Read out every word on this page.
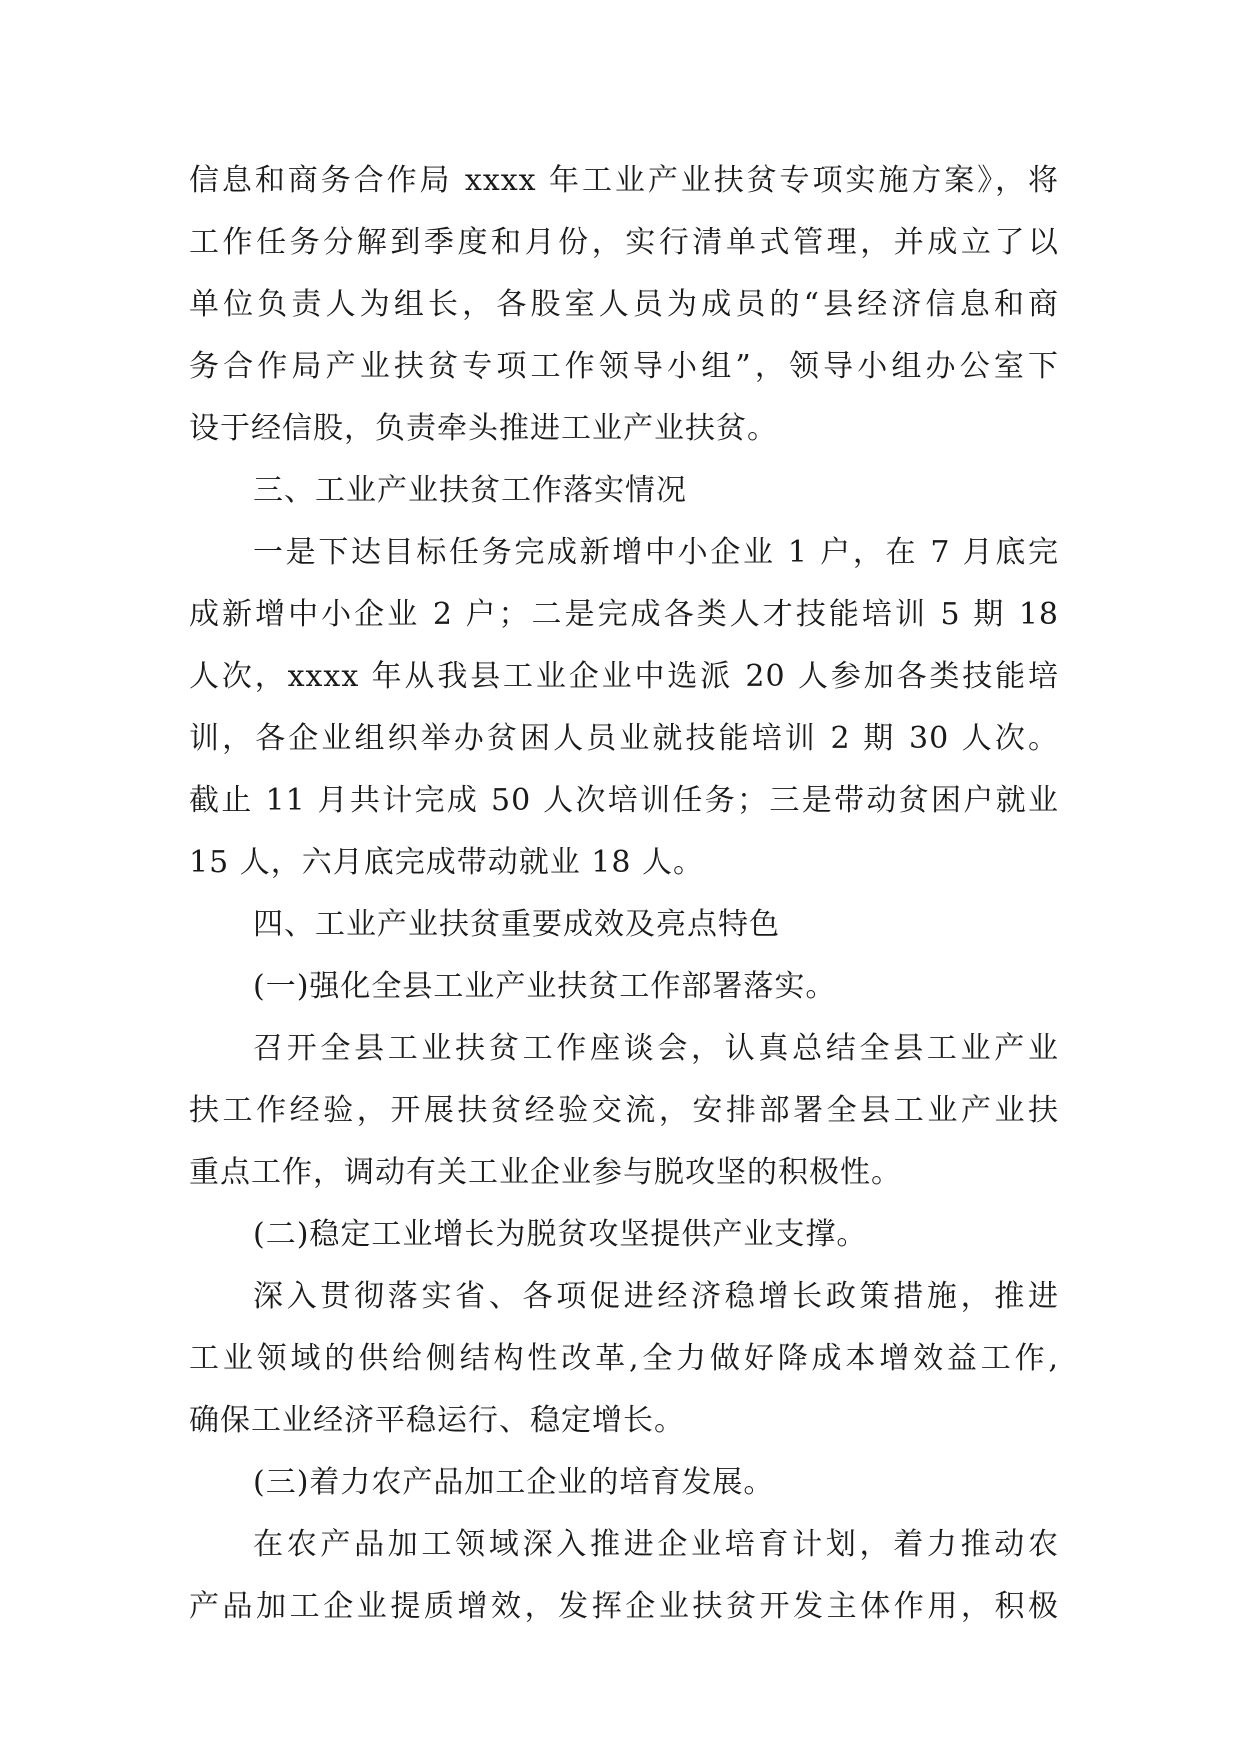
信息和商务合作局 xxxx 年工业产业扶贫专项实施方案》，将
工作任务分解到季度和月份，实行清单式管理，并成立了以
单位负责人为组长，各股室人员为成员的“县经济信息和商
务合作局产业扶贫专项工作领导小组”，领导小组办公室下
设于经信股，负责牵头推进工业产业扶贫。
三、工业产业扶贫工作落实情况
一是下达目标任务完成新增中小企业 1 户，在 7 月底完
成新增中小企业 2 户；二是完成各类人才技能培训 5 期 18
人次，xxxx 年从我县工业企业中选派 20 人参加各类技能培
训，各企业组织举办贫困人员业就技能培训 2 期 30 人次。
截止 11 月共计完成 50 人次培训任务；三是带动贫困户就业
15 人，六月底完成带动就业 18 人。
四、工业产业扶贫重要成效及亮点特色
(一)强化全县工业产业扶贫工作部署落实。
召开全县工业扶贫工作座谈会，认真总结全县工业产业
扶工作经验，开展扶贫经验交流，安排部署全县工业产业扶
重点工作，调动有关工业企业参与脱攻坚的积极性。
(二)稳定工业增长为脱贫攻坚提供产业支撑。
深入贯彻落实省、各项促进经济稳增长政策措施，推进
工业领域的供给侧结构性改革,全力做好降成本增效益工作,
确保工业经济平稳运行、稳定增长。
(三)着力农产品加工企业的培育发展。
在农产品加工领域深入推进企业培育计划，着力推动农
产品加工企业提质增效，发挥企业扶贫开发主体作用，积极
